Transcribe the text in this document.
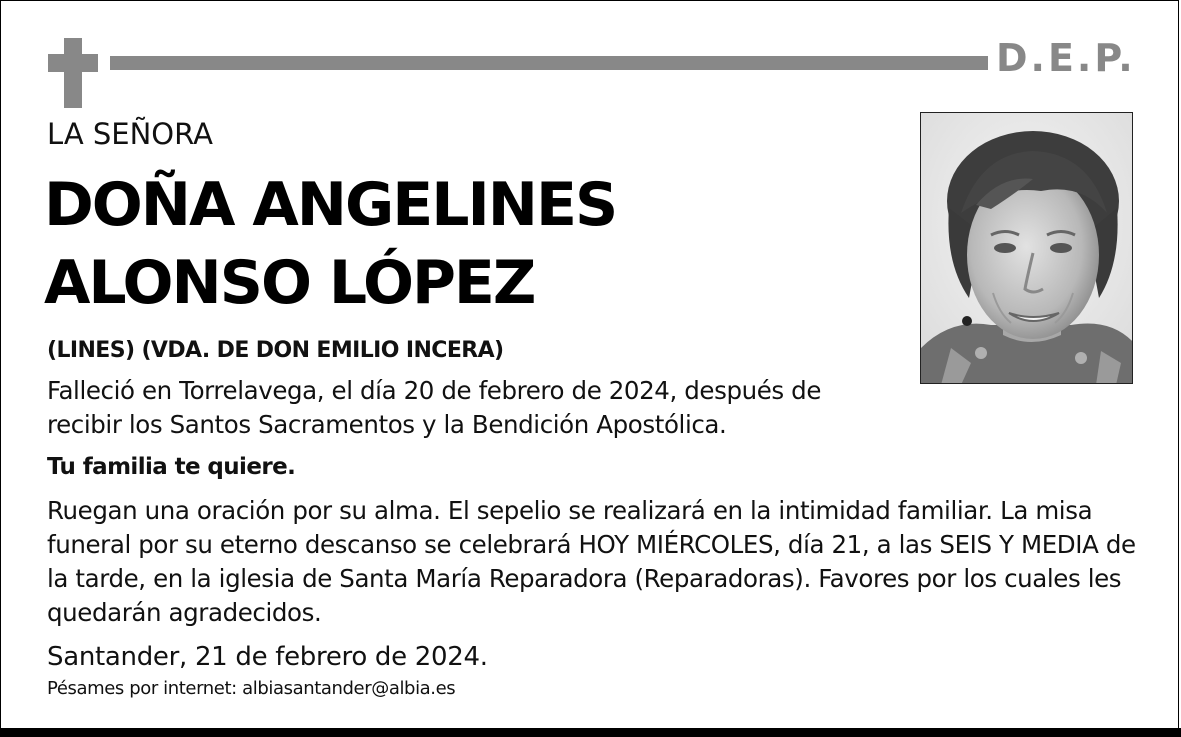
D.E.P.
LA SEÑORA
DOÑA ANGELINES
ALONSO LÓPEZ
(LINES) (VDA. DE DON EMILIO INCERA)
Falleció en Torrelavega, el día 20 de febrero de 2024, después de recibir los Santos Sacramentos y la Bendición Apostólica.
Tu familia te quiere.
Ruegan una oración por su alma. El sepelio se realizará en la intimidad familiar. La misa funeral por su eterno descanso se celebrará HOY MIÉRCOLES, día 21, a las SEIS Y MEDIA de la tarde, en la iglesia de Santa María Reparadora (Reparadoras). Favores por los cuales les quedarán agradecidos.
Santander, 21 de febrero de 2024.
Pésames por internet: albiasantander@albia.es
